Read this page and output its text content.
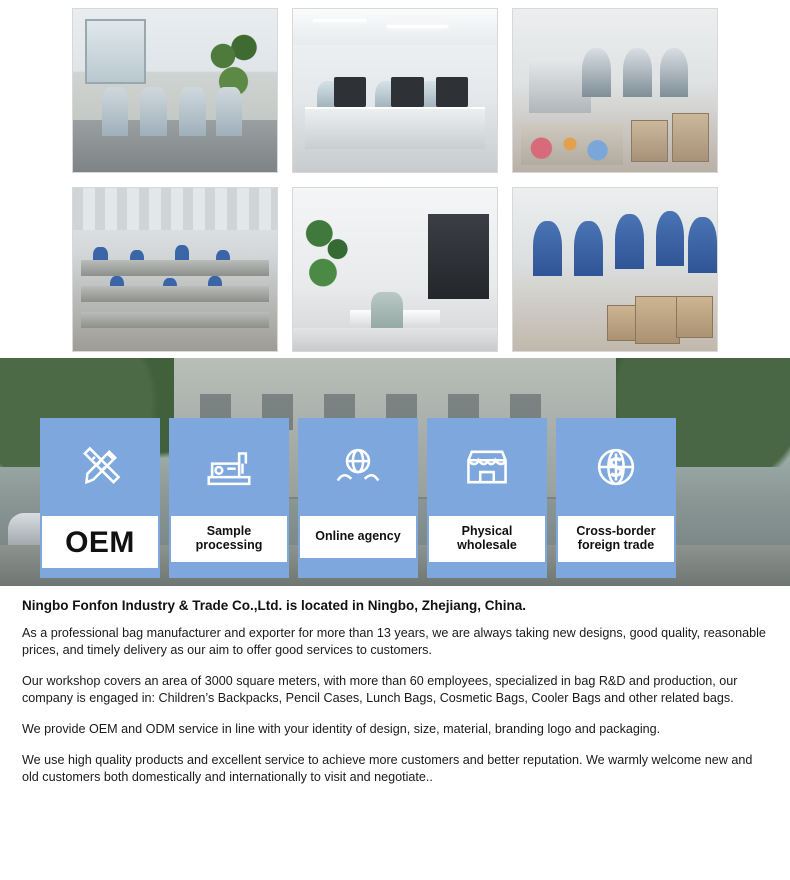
OEM	Sample processing
Online agency	Physical wholesale
Cross-border foreign trade
Ningbo Fonfon Industry & Trade Co.,Ltd. is located in Ningbo, Zhejiang, China.

As a professional bag manufacturer and exporter for more than 13 years, we are always taking new designs, good quality, reasonable prices, and timely delivery as our aim to offer good services to customers.

Our workshop covers an area of 3000 square meters, with more than 60 employees, specialized in bag R&D and production, our company is engaged in: Children’s Backpacks, Pencil Cases, Lunch Bags, Cosmetic Bags, Cooler Bags and other related bags.

We provide OEM and ODM service in line with your identity of design, size, material, branding logo and packaging.

We use high quality products and excellent service to achieve more customers and better reputation. We warmly welcome new and old customers both domestically and internationally to visit and negotiate..
